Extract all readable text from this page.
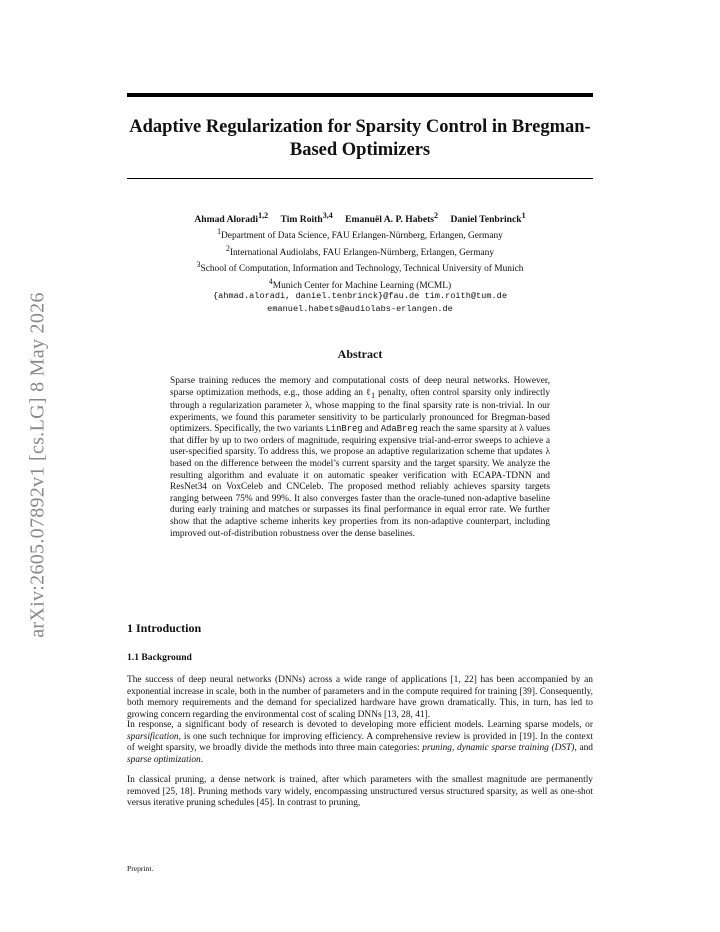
arXiv:2605.07892v1 [cs.LG] 8 May 2026
Adaptive Regularization for Sparsity Control in Bregman-Based Optimizers
Ahmad Aloradi$^{1,2}$ Tim Roith$^{3,4}$ Emanuël A. P. Habets$^2$ Daniel Tenbrinck$^1$
$^1$Department of Data Science, FAU Erlangen-Nürnberg, Erlangen, Germany
$^2$International Audiolabs, FAU Erlangen-Nürnberg, Erlangen, Germany
$^3$School of Computation, Information and Technology, Technical University of Munich
$^4$Munich Center for Machine Learning (MCML)
{ahmad.aloradi, daniel.tenbrinck}@fau.de tim.roith@tum.de
emanuel.habets@audiolabs-erlangen.de
Abstract
Sparse training reduces the memory and computational costs of deep neural networks. However, sparse optimization methods, e.g., those adding an ℓ$_1$ penalty, often control sparsity only indirectly through a regularization parameter λ, whose mapping to the final sparsity rate is non-trivial. In our experiments, we found this parameter sensitivity to be particularly pronounced for Bregman-based optimizers. Specifically, the two variants LinBreg and AdaBreg reach the same sparsity at λ values that differ by up to two orders of magnitude, requiring expensive trial-and-error sweeps to achieve a user-specified sparsity. To address this, we propose an adaptive regularization scheme that updates λ based on the difference between the model’s current sparsity and the target sparsity. We analyze the resulting algorithm and evaluate it on automatic speaker verification with ECAPA-TDNN and ResNet34 on VoxCeleb and CNCeleb. The proposed method reliably achieves sparsity targets ranging between 75% and 99%. It also converges faster than the oracle-tuned non-adaptive baseline during early training and matches or surpasses its final performance in equal error rate. We further show that the adaptive scheme inherits key properties from its non-adaptive counterpart, including improved out-of-distribution robustness over the dense baselines.
1 Introduction
1.1 Background
The success of deep neural networks (DNNs) across a wide range of applications [1, 22] has been accompanied by an exponential increase in scale, both in the number of parameters and in the compute required for training [39]. Consequently, both memory requirements and the demand for specialized hardware have grown dramatically. This, in turn, has led to growing concern regarding the environmental cost of scaling DNNs [13, 28, 41].
In response, a significant body of research is devoted to developing more efficient models. Learning sparse models, or sparsification, is one such technique for improving efficiency. A comprehensive review is provided in [19]. In the context of weight sparsity, we broadly divide the methods into three main categories: pruning, dynamic sparse training (DST), and sparse optimization.
In classical pruning, a dense network is trained, after which parameters with the smallest magnitude are permanently removed [25, 18]. Pruning methods vary widely, encompassing unstructured versus structured sparsity, as well as one-shot versus iterative pruning schedules [45]. In contrast to pruning,
Preprint.
